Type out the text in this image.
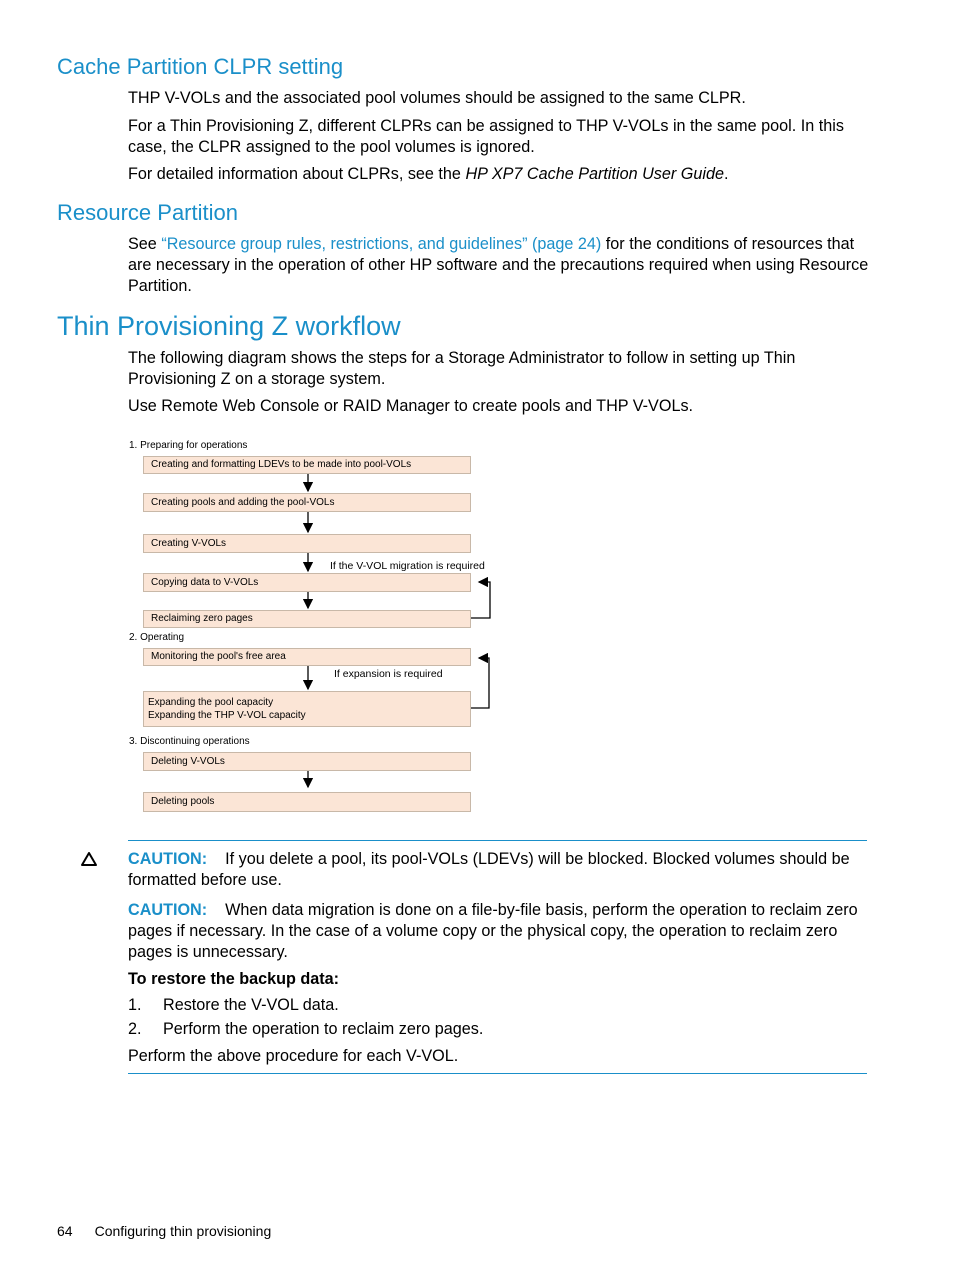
Cache Partition CLPR setting

THP V-VOLs and the associated pool volumes should be assigned to the same CLPR.

For a Thin Provisioning Z, different CLPRs can be assigned to THP V-VOLs in the same pool. In this case, the CLPR assigned to the pool volumes is ignored.

For detailed information about CLPRs, see the HP XP7 Cache Partition User Guide.

Resource Partition

See “Resource group rules, restrictions, and guidelines” (page 24) for the conditions of resources that are necessary in the operation of other HP software and the precautions required when using Resource Partition.

Thin Provisioning Z workflow

The following diagram shows the steps for a Storage Administrator to follow in setting up Thin Provisioning Z on a storage system.

Use Remote Web Console or RAID Manager to create pools and THP V-VOLs.

1. Preparing for operations
Creating and formatting LDEVs to be made into pool-VOLs
Creating pools and adding the pool-VOLs
Creating V-VOLs
If the V-VOL migration is required
Copying data to V-VOLs
Reclaiming zero pages
2. Operating
Monitoring the pool's free area
If expansion is required
Expanding the pool capacity
Expanding the THP V-VOL capacity
3. Discontinuing operations
Deleting V-VOLs
Deleting pools

CAUTION: If you delete a pool, its pool-VOLs (LDEVs) will be blocked. Blocked volumes should be formatted before use.

CAUTION: When data migration is done on a file-by-file basis, perform the operation to reclaim zero pages if necessary. In the case of a volume copy or the physical copy, the operation to reclaim zero pages is unnecessary.

To restore the backup data:

1.	Restore the V-VOL data.
2.	Perform the operation to reclaim zero pages.

Perform the above procedure for each V-VOL.

64 Configuring thin provisioning
